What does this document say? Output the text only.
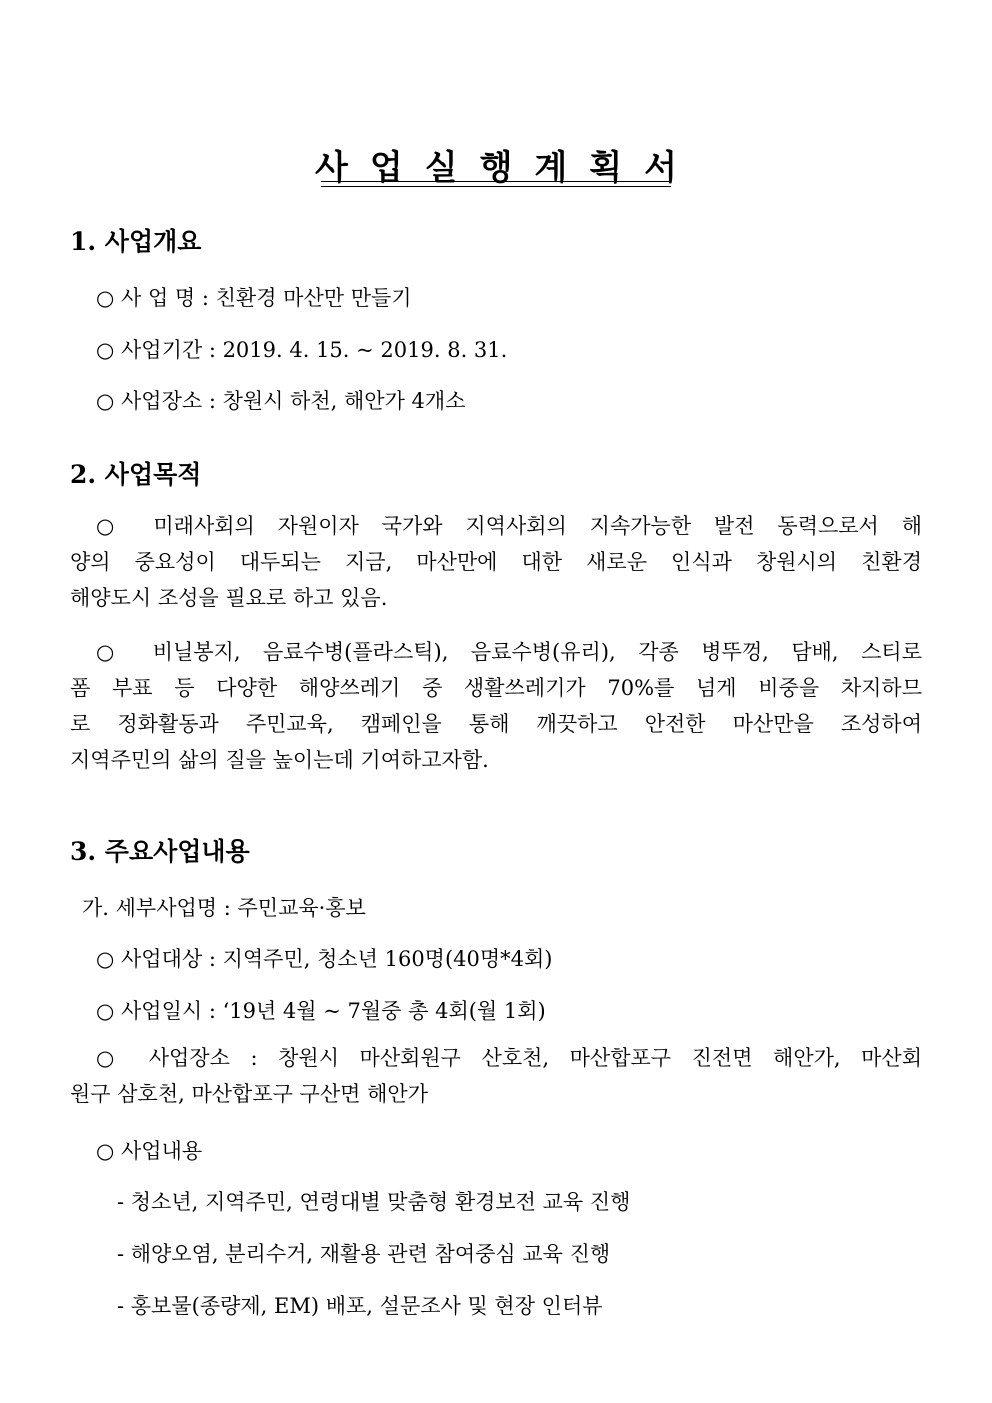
사업실행계획서
1. 사업개요
○ 사 업 명 : 친환경 마산만 만들기
○ 사업기간 : 2019. 4. 15. ~ 2019. 8. 31.
○ 사업장소 : 창원시 하천, 해안가 4개소
2. 사업목적
○ 미래사회의 자원이자 국가와 지역사회의 지속가능한 발전 동력으로서 해
양의 중요성이 대두되는 지금, 마산만에 대한 새로운 인식과 창원시의 친환경
해양도시 조성을 필요로 하고 있음.
○ 비닐봉지, 음료수병(플라스틱), 음료수병(유리), 각종 병뚜껑, 담배, 스티로
폼 부표 등 다양한 해양쓰레기 중 생활쓰레기가 70%를 넘게 비중을 차지하므
로 정화활동과 주민교육, 캠페인을 통해 깨끗하고 안전한 마산만을 조성하여
지역주민의 삶의 질을 높이는데 기여하고자함.
3. 주요사업내용
가. 세부사업명 : 주민교육·홍보
○ 사업대상 : 지역주민, 청소년 160명(40명*4회)
○ 사업일시 : ‘19년 4월 ~ 7월중 총 4회(월 1회)
○ 사업장소 : 창원시 마산회원구 산호천, 마산합포구 진전면 해안가, 마산회
원구 삼호천, 마산합포구 구산면 해안가
○ 사업내용
- 청소년, 지역주민, 연령대별 맞춤형 환경보전 교육 진행
- 해양오염, 분리수거, 재활용 관련 참여중심 교육 진행
- 홍보물(종량제, EM) 배포, 설문조사 및 현장 인터뷰
